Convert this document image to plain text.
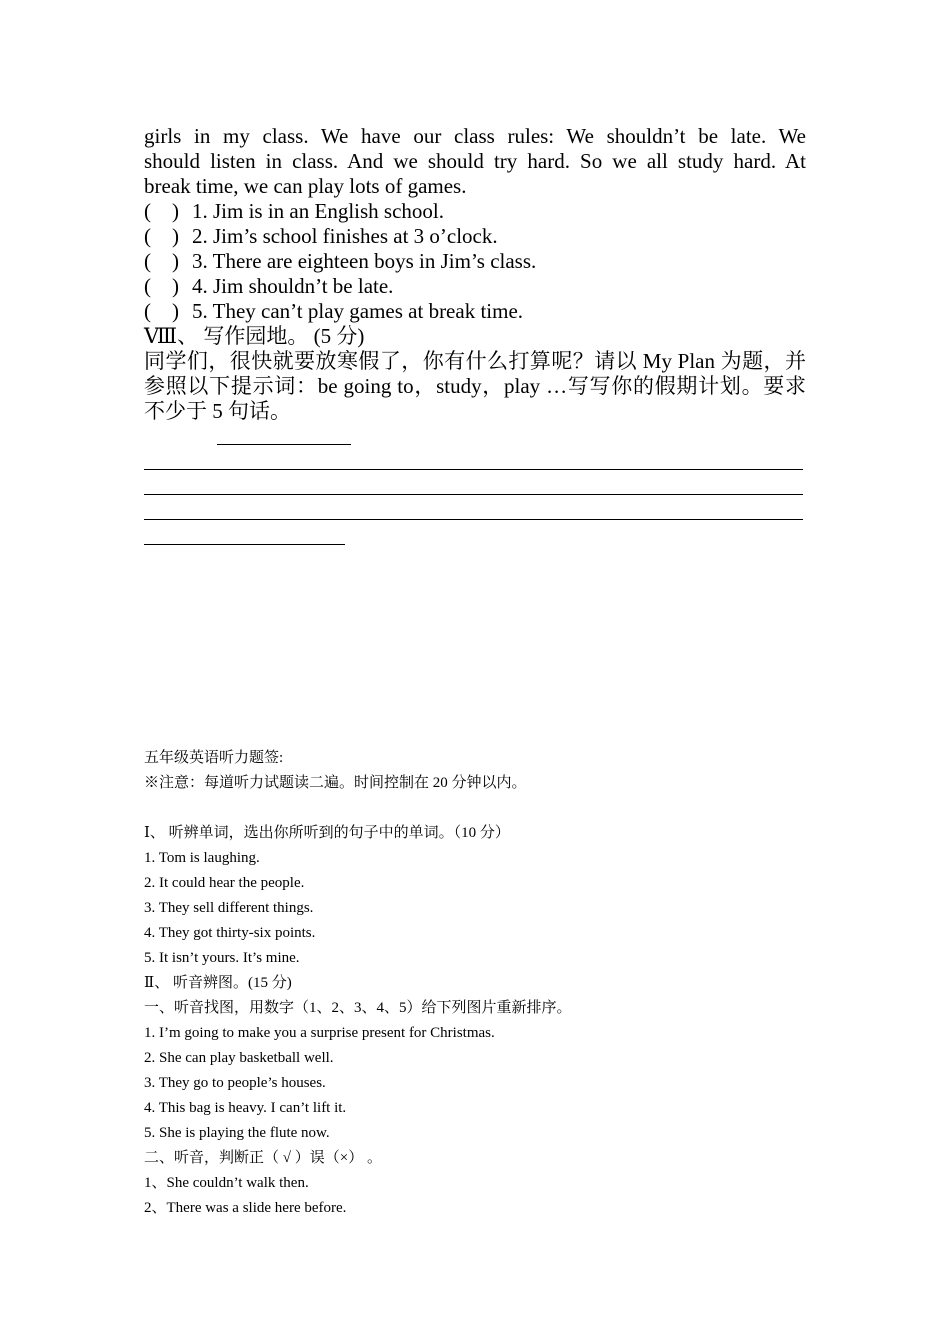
girls in my class. We have our class rules: We shouldn’t be late. We
should listen in class. And we should try hard. So we all study hard. At
break time, we can play lots of games.
(    ) 1. Jim is in an English school.
(    ) 2. Jim’s school finishes at 3 o’clock.
(    ) 3. There are eighteen boys in Jim’s class.
(    ) 4. Jim shouldn’t be late.
(    ) 5. They can’t play games at break time.
Ⅷ、 写作园地。 (5 分)
同学们，很快就要放寒假了，你有什么打算呢？请以 My Plan 为题，并
参照以下提示词：be going to，study，play …写写你的假期计划。要求
不少于 5 句话。
五年级英语听力题签:
※注意：每道听力试题读二遍。时间控制在 20 分钟以内。
Ⅰ、 听辨单词，选出你所听到的句子中的单词。（10 分）
1. Tom is laughing.
2. It could hear the people.
3. They sell different things.
4. They got thirty-six points.
5. It isn’t yours. It’s mine.
Ⅱ、 听音辨图。(15 分)
一、听音找图，用数字（1、2、3、4、5）给下列图片重新排序。
1. I’m going to make you a surprise present for Christmas.
2. She can play basketball well.
3. They go to people’s houses.
4. This bag is heavy. I can’t lift it.
5. She is playing the flute now.
二、听音，判断正（ √ ）误（×） 。
1、She couldn’t walk then.
2、There was a slide here before.
